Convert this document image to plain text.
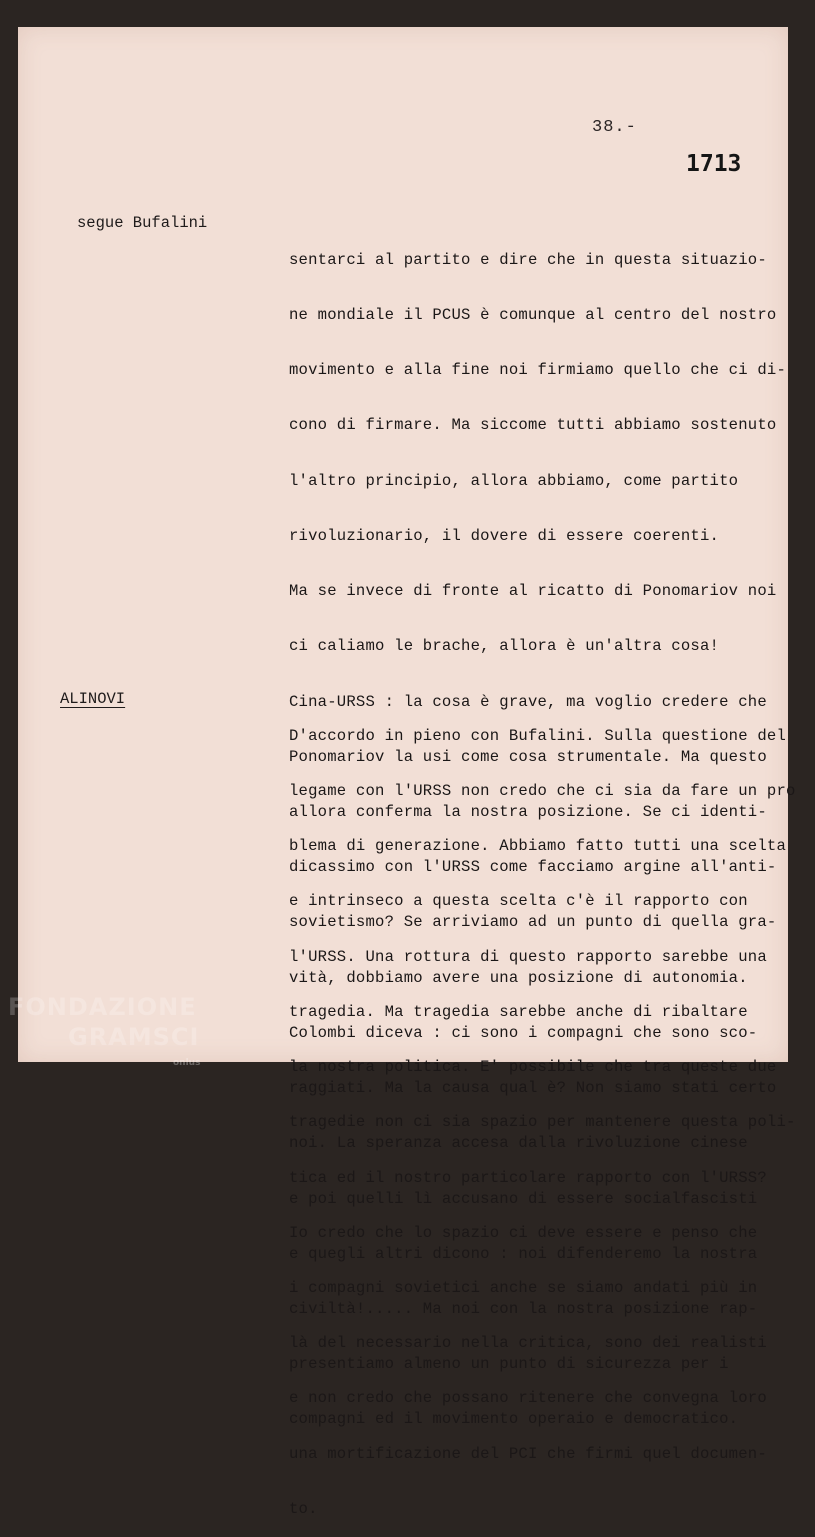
38.-
1713
segue Bufalini

sentarci al partito e dire che in questa situazio-

ne mondiale il PCUS è comunque al centro del nostro

movimento e alla fine noi firmiamo quello che ci di-

cono di firmare. Ma siccome tutti abbiamo sostenuto

l'altro principio, allora abbiamo, come partito

rivoluzionario, il dovere di essere coerenti.

Ma se invece di fronte al ricatto di Ponomariov noi

ci caliamo le brache, allora è un'altra cosa!

Cina-URSS : la cosa è grave, ma voglio credere che

Ponomariov la usi come cosa strumentale. Ma questo

allora conferma la nostra posizione. Se ci identi-

dicassimo con l'URSS come facciamo argine all'anti-

sovietismo? Se arriviamo ad un punto di quella gra-

vità, dobbiamo avere una posizione di autonomia.

Colombi diceva : ci sono i compagni che sono sco-

raggiati. Ma la causa qual è? Non siamo stati certo

noi. La speranza accesa dalla rivoluzione cinese

e poi quelli lì accusano di essere socialfascisti

e quegli altri dicono : noi difenderemo la nostra

civiltà!..... Ma noi con la nostra posizione rap-

presentiamo almeno un punto di sicurezza per i

compagni ed il movimento operaio e democratico.

ALINOVI

D'accordo in pieno con Bufalini. Sulla questione del

legame con l'URSS non credo che ci sia da fare un pro

blema di generazione. Abbiamo fatto tutti una scelta

e intrinseco a questa scelta c'è il rapporto con

l'URSS. Una rottura di questo rapporto sarebbe una

tragedia. Ma tragedia sarebbe anche di ribaltare

la nostra politica. E' possibile che tra queste due

tragedie non ci sia spazio per mantenere questa poli-

tica ed il nostro particolare rapporto con l'URSS?

Io credo che lo spazio ci deve essere e penso che

i compagni sovietici anche se siamo andati più in

là del necessario nella critica, sono dei realisti

e non credo che possano ritenere che convegna loro

una mortificazione del PCI che firmi quel documen-

to.

FONDAZIONE
GRAMSCI
onlus
